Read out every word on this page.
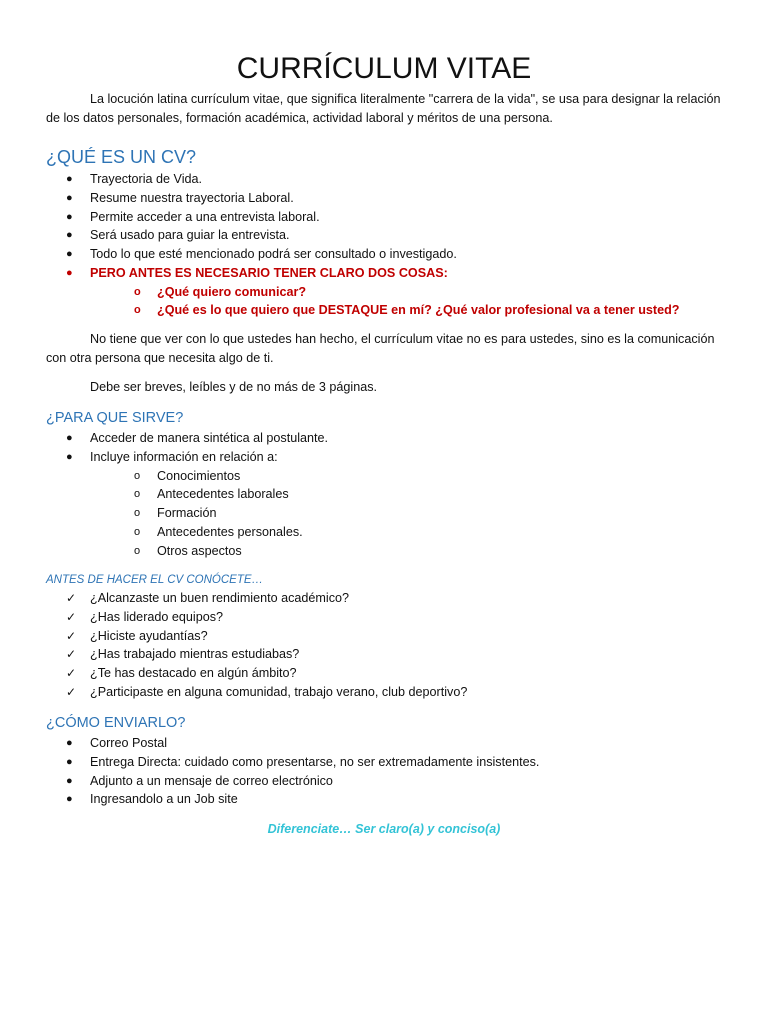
CURRÍCULUM VITAE
La locución latina currículum vitae, que significa literalmente "carrera de la vida", se usa para designar la relación
de los datos personales, formación académica, actividad laboral y méritos de una persona.
¿QUÉ ES UN CV?
● Trayectoria de Vida.
● Resume nuestra trayectoria Laboral.
● Permite acceder a una entrevista laboral.
● Será usado para guiar la entrevista.
● Todo lo que esté mencionado podrá ser consultado o investigado.
● PERO ANTES ES NECESARIO TENER CLARO DOS COSAS:
o ¿Qué quiero comunicar?
o ¿Qué es lo que quiero que DESTAQUE en mí? ¿Qué valor profesional va a tener usted?
No tiene que ver con lo que ustedes han hecho, el currículum vitae no es para ustedes, sino es la comunicación
con otra persona que necesita algo de ti.
Debe ser breves, leíbles y de no más de 3 páginas.
¿PARA QUE SIRVE?
● Acceder de manera sintética al postulante.
● Incluye información en relación a:
o Conocimientos
o Antecedentes laborales
o Formación
o Antecedentes personales.
o Otros aspectos
ANTES DE HACER EL CV CONÓCETE…
✓ ¿Alcanzaste un buen rendimiento académico?
✓ ¿Has liderado equipos?
✓ ¿Hiciste ayudantías?
✓ ¿Has trabajado mientras estudiabas?
✓ ¿Te has destacado en algún ámbito?
✓ ¿Participaste en alguna comunidad, trabajo verano, club deportivo?
¿CÓMO ENVIARLO?
● Correo Postal
● Entrega Directa: cuidado como presentarse, no ser extremadamente insistentes.
● Adjunto a un mensaje de correo electrónico
● Ingresandolo a un Job site
Diferenciate… Ser claro(a) y conciso(a)
